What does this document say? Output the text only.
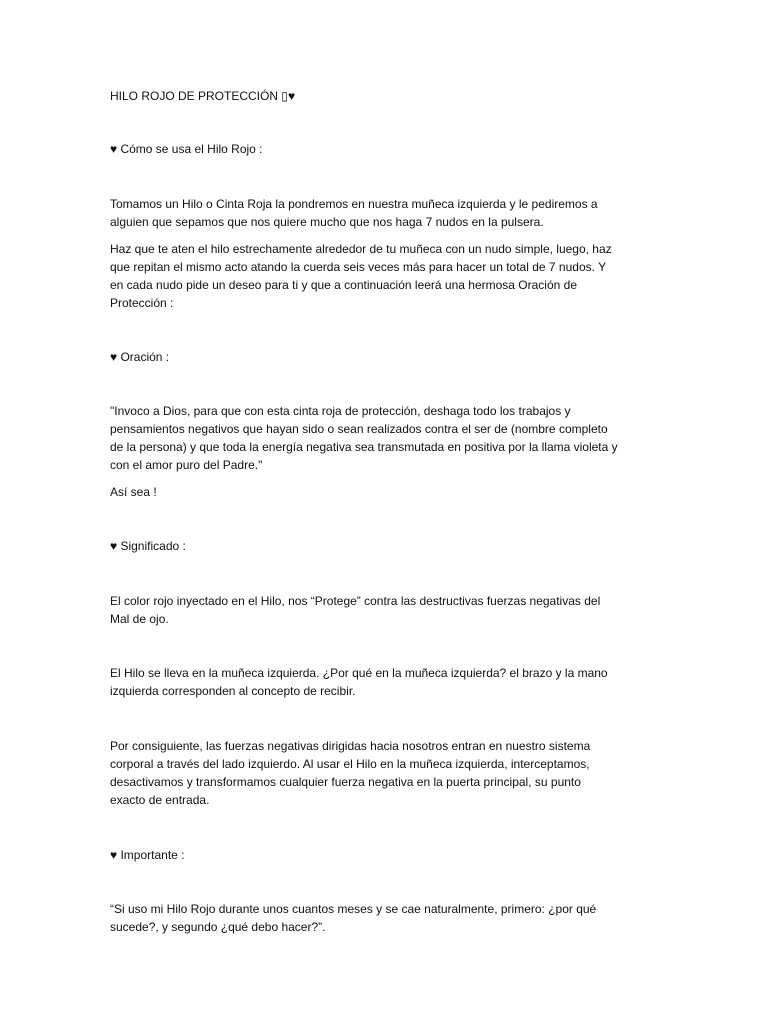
HILO ROJO DE PROTECCIÓN ▯♥
♥ Cómo se usa el Hilo Rojo :
Tomamos un Hilo o Cinta Roja la pondremos en nuestra muñeca izquierda y le pediremos a
alguien que sepamos que nos quiere mucho que nos haga 7 nudos en la pulsera.
Haz que te aten el hilo estrechamente alrededor de tu muñeca con un nudo simple, luego, haz
que repitan el mismo acto atando la cuerda seis veces más para hacer un total de 7 nudos. Y
en cada nudo pide un deseo para ti y que a continuación leerá una hermosa Oración de
Protección :
♥ Oración :
"Invoco a Dios, para que con esta cinta roja de protección, deshaga todo los trabajos y
pensamientos negativos que hayan sido o sean realizados contra el ser de (nombre completo
de la persona) y que toda la energía negativa sea transmutada en positiva por la llama violeta y
con el amor puro del Padre."
Así sea !
♥ Significado :
El color rojo inyectado en el Hilo, nos “Protege” contra las destructivas fuerzas negativas del
Mal de ojo.
El Hilo se lleva en la muñeca izquierda. ¿Por qué en la muñeca izquierda? el brazo y la mano
izquierda corresponden al concepto de recibir.
Por consiguiente, las fuerzas negativas dirigidas hacia nosotros entran en nuestro sistema
corporal a través del lado izquierdo. Al usar el Hilo en la muñeca izquierda, interceptamos,
desactivamos y transformamos cualquier fuerza negativa en la puerta principal, su punto
exacto de entrada.
♥ Importante :
“Si uso mi Hilo Rojo durante unos cuantos meses y se cae naturalmente, primero: ¿por qué
sucede?, y segundo ¿qué debo hacer?”.
